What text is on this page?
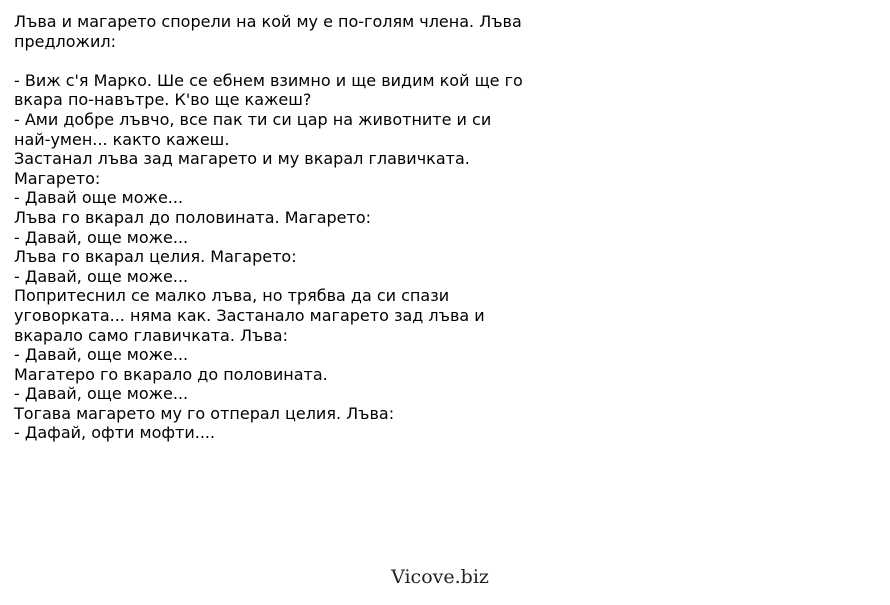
Лъва и магарето спорели на кой му е по-голям члена. Лъва
предложил:
- Виж с'я Марко. Ше се ебнем взимно и ще видим кой ще го
вкара по-навътре. К'во ще кажеш?
- Ами добре лъвчо, все пак ти си цар на животните и си
най-умен... както кажеш.
Застанал лъва зад магарето и му вкарал главичката.
Магарето:
- Давай още може...
Лъва го вкарал до половината. Магарето:
- Давай, още може...
Лъва го вкарал целия. Магарето:
- Давай, още може...
Попритеснил се малко лъва, но трябва да си спази
уговорката... няма как. Застанало магарето зад лъва и
вкарало само главичката. Лъва:
- Давай, още може...
Магатеро го вкарало до половината.
- Давай, още може...
Тогава магарето му го отперал целия. Лъва:
- Дафай, офти мофти....
Vicove.biz
